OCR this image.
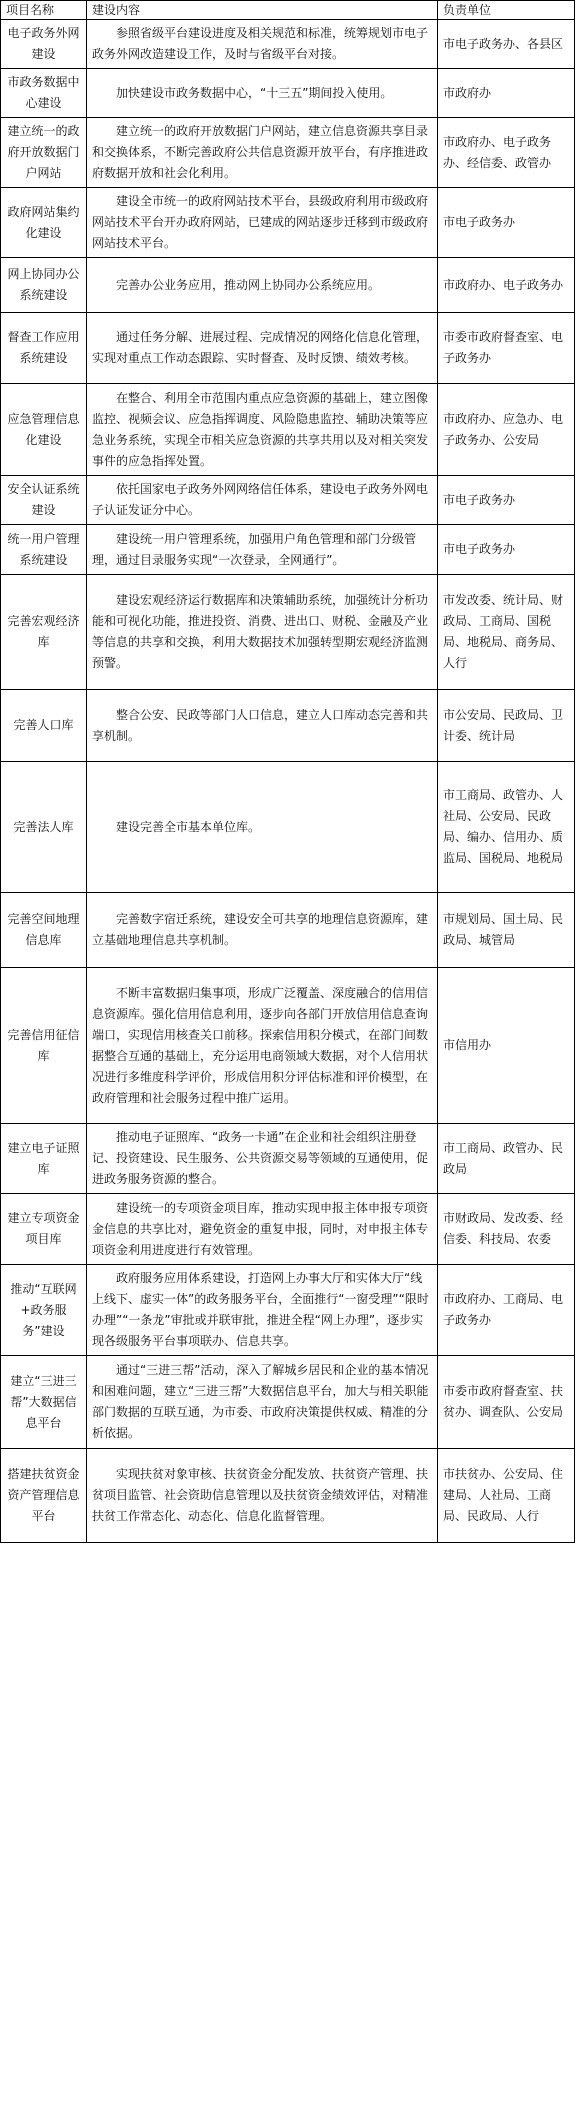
项目名称	建设内容	负责单位
电子政务外网建设	参照省级平台建设进度及相关规范和标准，统筹规划市电子政务外网改造建设工作，及时与省级平台对接。	市电子政务办、各县区
市政务数据中心建设	加快建设市政务数据中心，“十三五”期间投入使用。	市政府办
建立统一的政府开放数据门户网站	建立统一的政府开放数据门户网站，建立信息资源共享目录和交换体系，不断完善政府公共信息资源开放平台，有序推进政府数据开放和社会化利用。	市政府办、电子政务办、经信委、政管办
政府网站集约化建设	建设全市统一的政府网站技术平台，县级政府利用市级政府网站技术平台开办政府网站，已建成的网站逐步迁移到市级政府网站技术平台。	市电子政务办
网上协同办公系统建设	完善办公业务应用，推动网上协同办公系统应用。	市政府办、电子政务办
督查工作应用系统建设	通过任务分解、进展过程、完成情况的网络化信息化管理，实现对重点工作动态跟踪、实时督查、及时反馈、绩效考核。	市委市政府督查室、电子政务办
应急管理信息化建设	在整合、利用全市范围内重点应急资源的基础上，建立图像监控、视频会议、应急指挥调度、风险隐患监控、辅助决策等应急业务系统，实现全市相关应急资源的共享共用以及对相关突发事件的应急指挥处置。	市政府办、应急办、电子政务办、公安局
安全认证系统建设	依托国家电子政务外网网络信任体系，建设电子政务外网电子认证发证分中心。	市电子政务办
统一用户管理系统建设	建设统一用户管理系统，加强用户角色管理和部门分级管理，通过目录服务实现“一次登录，全网通行”。	市电子政务办
完善宏观经济库	建设宏观经济运行数据库和决策辅助系统，加强统计分析功能和可视化功能，推进投资、消费、进出口、财税、金融及产业等信息的共享和交换，利用大数据技术加强转型期宏观经济监测预警。	市发改委、统计局、财政局、工商局、国税局、地税局、商务局、人行
完善人口库	整合公安、民政等部门人口信息，建立人口库动态完善和共享机制。	市公安局、民政局、卫计委、统计局
完善法人库	建设完善全市基本单位库。	市工商局、政管办、人社局、公安局、民政局、编办、信用办、质监局、国税局、地税局
完善空间地理信息库	完善数字宿迁系统，建设安全可共享的地理信息资源库，建立基础地理信息共享机制。	市规划局、国土局、民政局、城管局
完善信用征信库	不断丰富数据归集事项，形成广泛覆盖、深度融合的信用信息资源库。强化信用信息利用，逐步向各部门开放信用信息查询端口，实现信用核查关口前移。探索信用积分模式，在部门间数据整合互通的基础上，充分运用电商领域大数据，对个人信用状况进行多维度科学评价，形成信用积分评估标准和评价模型，在政府管理和社会服务过程中推广运用。	市信用办
建立电子证照库	推动电子证照库、“政务一卡通”在企业和社会组织注册登记、投资建设、民生服务、公共资源交易等领域的互通使用，促进政务服务资源的整合。	市工商局、政管办、民政局
建立专项资金项目库	建设统一的专项资金项目库，推动实现申报主体申报专项资金信息的共享比对，避免资金的重复申报，同时，对申报主体专项资金利用进度进行有效管理。	市财政局、发改委、经信委、科技局、农委
推动“互联网+政务服务”建设	政府服务应用体系建设，打造网上办事大厅和实体大厅“线上线下、虚实一体”的政务服务平台，全面推行“一窗受理”“限时办理”“一条龙”审批或并联审批，推进全程“网上办理”，逐步实现各级服务平台事项联办、信息共享。	市政府办、工商局、电子政务办
建立“三进三帮”大数据信息平台	通过“三进三帮”活动，深入了解城乡居民和企业的基本情况和困难问题，建立“三进三帮”大数据信息平台，加大与相关职能部门数据的互联互通，为市委、市政府决策提供权威、精准的分析依据。	市委市政府督查室、扶贫办、调查队、公安局
搭建扶贫资金资产管理信息平台	实现扶贫对象审核、扶贫资金分配发放、扶贫资产管理、扶贫项目监管、社会资助信息管理以及扶贫资金绩效评估，对精准扶贫工作常态化、动态化、信息化监督管理。	市扶贫办、公安局、住建局、人社局、工商局、民政局、人行
